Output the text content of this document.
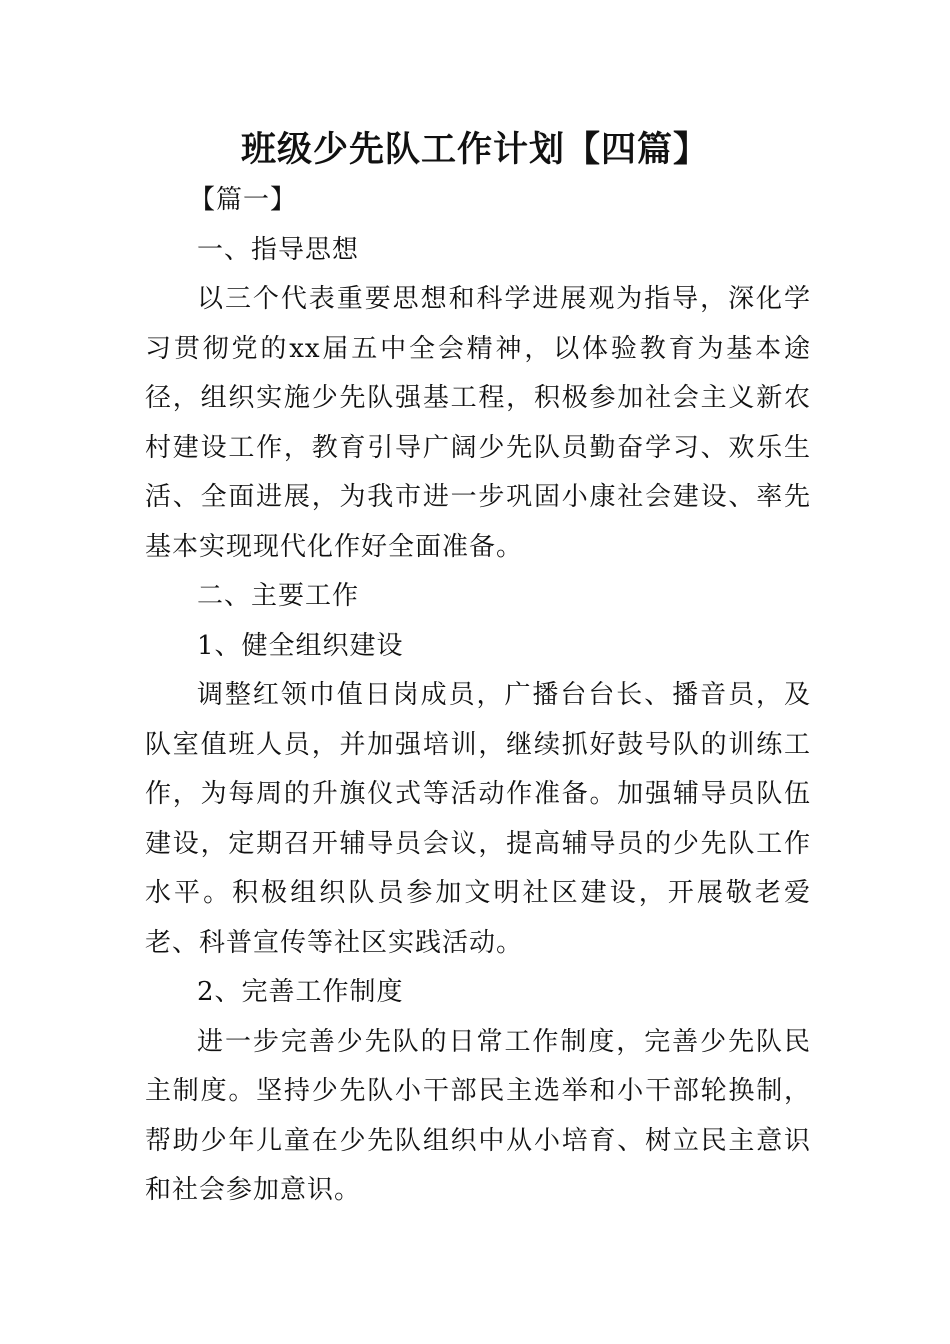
班级少先队工作计划【四篇】

【篇一】

一、指导思想

以三个代表重要思想和科学进展观为指导，深化学习贯彻党的xx届五中全会精神，以体验教育为基本途径，组织实施少先队强基工程，积极参加社会主义新农村建设工作，教育引导广阔少先队员勤奋学习、欢乐生活、全面进展，为我市进一步巩固小康社会建设、率先基本实现现代化作好全面准备。

二、主要工作

1、健全组织建设

调整红领巾值日岗成员，广播台台长、播音员，及队室值班人员，并加强培训，继续抓好鼓号队的训练工作，为每周的升旗仪式等活动作准备。加强辅导员队伍建设，定期召开辅导员会议，提高辅导员的少先队工作水平。积极组织队员参加文明社区建设，开展敬老爱老、科普宣传等社区实践活动。

2、完善工作制度

进一步完善少先队的日常工作制度，完善少先队民主制度。坚持少先队小干部民主选举和小干部轮换制，帮助少年儿童在少先队组织中从小培育、树立民主意识和社会参加意识。
